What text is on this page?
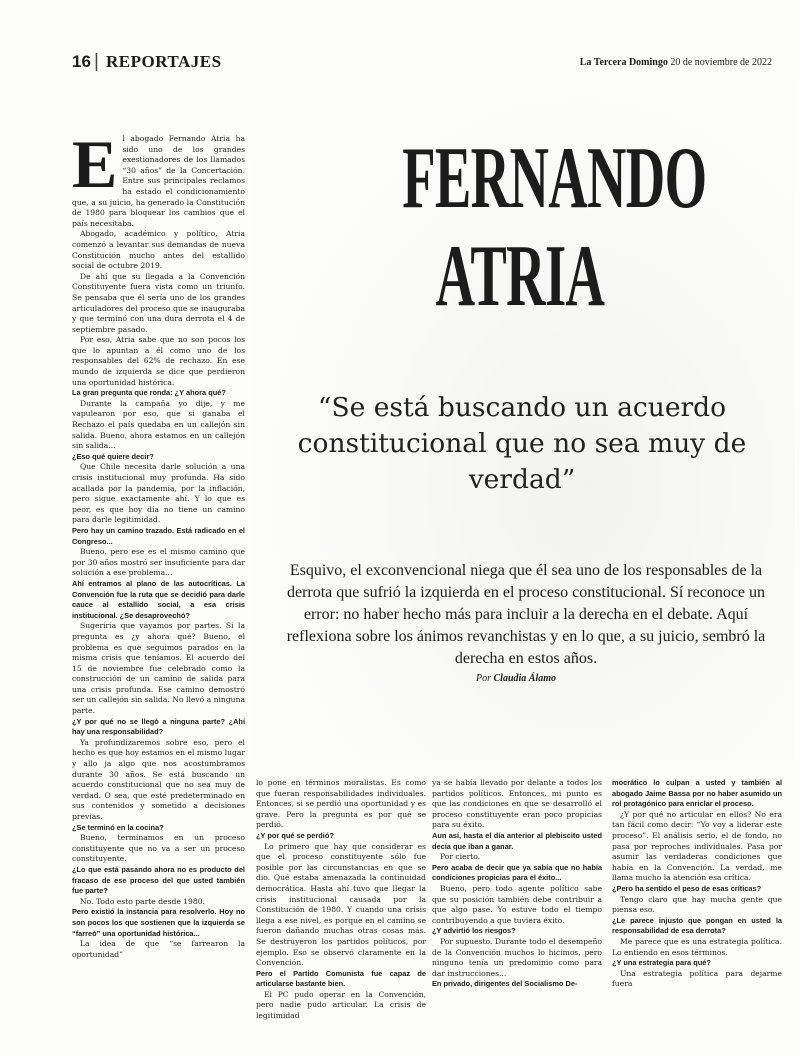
16 | REPORTAJES	La Tercera Domingo 20 de noviembre de 2022
E l abogado Fernando Atria ha sido uno de los grandes exestionadores de los llamados “30 años” de la Concertación. Entre sus principales reclamos ha estado el condicionamiento que, a su juicio, ha generado la Constitución de 1980 para bloquear los cambios que el país necesitaba.

Abogado, académico y político, Atria comenzó a levantar sus demandas de nueva Constitución mucho antes del estallido social de octubre 2019.

De ahí que su llegada a la Convención Constituyente fuera vista como un triunfo. Se pensaba que él sería uno de los grandes articuladores del proceso que se inauguraba y que terminó con una dura derrota el 4 de septiembre pasado.

Por eso, Atria sabe que no son pocos los que lo apuntan a él como uno de los responsables del 62% de rechazo. En ese mundo de izquierda se dice que perdieron una oportunidad histórica.

La gran pregunta que ronda: ¿Y ahora qué?

Durante la campaña yo dije, y me vapulearon por eso, que si ganaba el Rechazo el país quedaba en un callejón sin salida. Bueno, ahora estamos en un callejón sin salida...

¿Eso qué quiere decir?

Que Chile necesita darle solución a una crisis institucional muy profunda. Ha sido acallada por la pandemia, por la inflación, pero sigue exactamente ahí. Y lo que es peor, es que hoy día no tiene un camino para darle legitimidad.

Pero hay un camino trazado. Está radicado en el Congreso...

Bueno, pero ese es el mismo camino que por 30 años mostró ser insuficiente para dar solución a ese problema...

Ahí entramos al plano de las autocríticas. La Convención fue la ruta que se decidió para darle cauce al estallido social, a esa crisis institucional. ¿Se desaprovechó?

Sugeriría que vayamos por partes. Si la pregunta es ¿y ahora qué? Bueno, el problema es que seguimos parados en la misma crisis que teníamos. El acuerdo del 15 de noviembre fue celebrado como la construcción de un camino de salida para una crisis profunda. Ese camino demostró ser un callejón sin salida. No llevó a ninguna parte.

¿Y por qué no se llegó a ninguna parte? ¿Ahí hay una responsabilidad?

Ya profundizaremos sobre eso, pero el hecho es que hoy estamos en el mismo lugar y allo ja algo que nos acostumbramos durante 30 años. Se está buscando un acuerdo constitucional que no sea muy de verdad. O sea, que esté predeterminado en sus contenidos y sometido a decisiones previas.

¿Se terminó en la cocina?

Bueno, terminamos en un proceso constituyente que no va a ser un proceso constituyente.

¿Lo que está pasando ahora no es producto del fracaso de ese proceso del que usted también fue parte?

No. Todo esto parte desde 1980.

Pero existió la instancia para resolverlo. Hoy no son pocos los que sostienen que la izquierda se “farreó” una oportunidad histórica...

La idea de que “se farrearon la oportunidad”

FERNANDO
ATRIA
“Se está buscando un acuerdo constitucional que no sea muy de verdad”
Esquivo, el exconvencional niega que él sea uno de los responsables de la derrota que sufrió la izquierda en el proceso constitucional. Sí reconoce un error: no haber hecho más para incluir a la derecha en el debate. Aquí reflexiona sobre los ánimos revanchistas y en lo que, a su juicio, sembró la derecha en estos años.
Por Claudia Álamo

lo pone en términos moralistas. Es como que fueran responsabilidades individuales. Entonces, si se perdió una oportunidad y es grave. Pero la pregunta es por qué se perdió.

¿Y por qué se perdió?

Lo primero que hay que considerar es que el proceso constituyente sólo fue posible por las circunstancias en que se dio. Qué estaba amenazada la continuidad democrática. Hasta ahí tuvo que llegar la crisis institucional causada por la Constitución de 1980. Y cuando una crisis llega a ese nivel, es porque en el camino se fueron dañando muchas otras cosas más. Se destruyeron los partidos políticos, por ejemplo. Eso se observó claramente en la Convención.

Pero el Partido Comunista fue capaz de articularse bastante bien.

El PC pudo operar en la Convención, pero nadie pudo articular. La crisis de legitimidad

ya se había llevado por delante a todos los partidos políticos. Entonces, mi punto es que las condiciones en que se desarrolló el proceso constituyente eran poco propicias para su éxito.

Aun así, hasta el día anterior al plebiscito usted decía que iban a ganar.

Por cierto.

Pero acaba de decir que ya sabía que no había condiciones propicias para el éxito...

Bueno, pero todo agente político sabe que su posición también debe contribuir a que algo pase. Yo estuve todo el tiempo contribuyendo a que tuviera éxito.

¿Y advirtió los riesgos?

Por supuesto. Durante todo el desempeño de la Convención muchos lo hicimos, pero ninguno tenía un predominio como para dar instrucciones...

En privado, dirigentes del Socialismo De-

mocrático lo culpan a usted y también al abogado Jaime Bassa por no haber asumido un rol protagónico para enriclar el proceso.

¿Y por qué no articular en ellos? No era tan fácil como decir: “Yo voy a liderar este proceso”. El análisis serio, el de fondo, no pasa por reproches individuales. Pasa por asumir las verdaderas condiciones que había en la Convención. La verdad, me llama mucho la atención esa crítica.

¿Pero ha sentido el peso de esas críticas?

Tengo claro que hay mucha gente que piensa eso.

¿Le parece injusto que pongan en usted la responsabilidad de esa derrota?

Me parece que es una estrategia política. Lo entiendo en esos términos.

¿Y una estrategia para qué?

Una estrategia política para dejarme fuera
